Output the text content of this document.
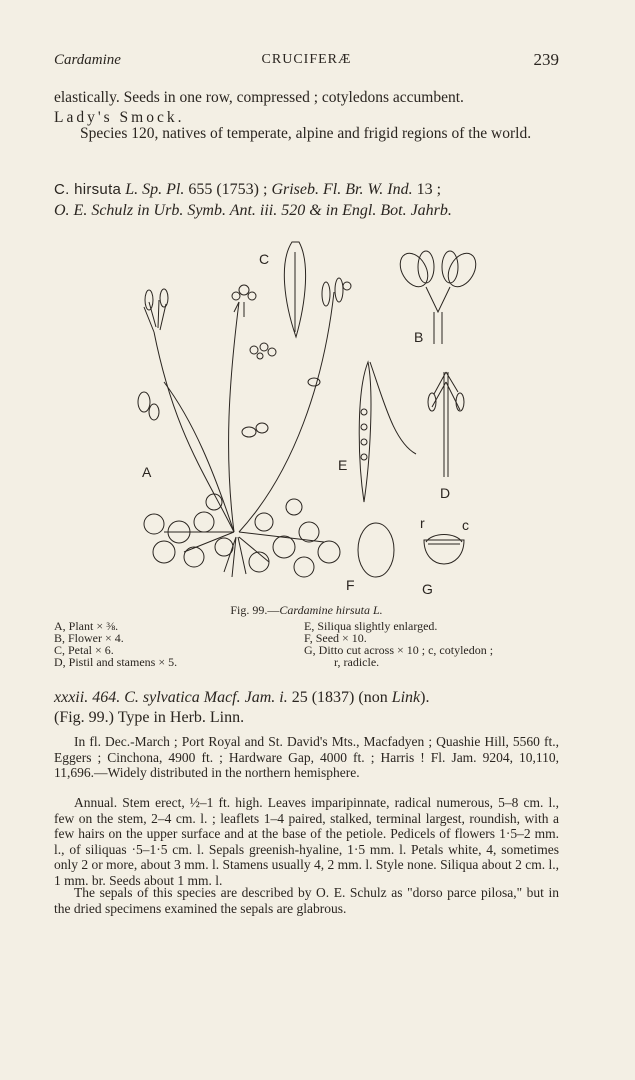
Cardamine	CRUCIFERÆ	239
elastically. Seeds in one row, compressed ; cotyledons accumbent.
Lady's Smock.
Species 120, natives of temperate, alpine and frigid regions of the world.
C. hirsuta L. Sp. Pl. 655 (1753) ; Griseb. Fl. Br. W. Ind. 13 ;
O. E. Schulz in Urb. Symb. Ant. iii. 520 & in Engl. Bot. Jahrb.
C
B
A	E
D
F	G
r	c
Fig. 99.—Cardamine hirsuta L.
A, Plant × ⅜.
B, Flower × 4.
C, Petal × 6.
D, Pistil and stamens × 5.
E, Siliqua slightly enlarged.
F, Seed × 10.
G, Ditto cut across × 10 ; c, cotyledon ;
r, radicle.
xxxii. 464. C. sylvatica Macf. Jam. i. 25 (1837) (non Link).
(Fig. 99.) Type in Herb. Linn.
In fl. Dec.-March ; Port Royal and St. David's Mts., Macfadyen ; Quashie Hill, 5560 ft., Eggers ; Cinchona, 4900 ft. ; Hardware Gap, 4000 ft. ; Harris ! Fl. Jam. 9204, 10,110, 11,696.—Widely distributed in the northern hemisphere.
Annual. Stem erect, ½–1 ft. high. Leaves imparipinnate, radical numerous, 5–8 cm. l., few on the stem, 2–4 cm. l. ; leaflets 1–4 paired, stalked, terminal largest, roundish, with a few hairs on the upper surface and at the base of the petiole. Pedicels of flowers 1·5–2 mm. l., of siliquas ·5–1·5 cm. l. Sepals greenish-hyaline, 1·5 mm. l. Petals white, 4, sometimes only 2 or more, about 3 mm. l. Stamens usually 4, 2 mm. l. Style none. Siliqua about 2 cm. l., 1 mm. br. Seeds about 1 mm. l.
The sepals of this species are described by O. E. Schulz as "dorso parce pilosa," but in the dried specimens examined the sepals are glabrous.
